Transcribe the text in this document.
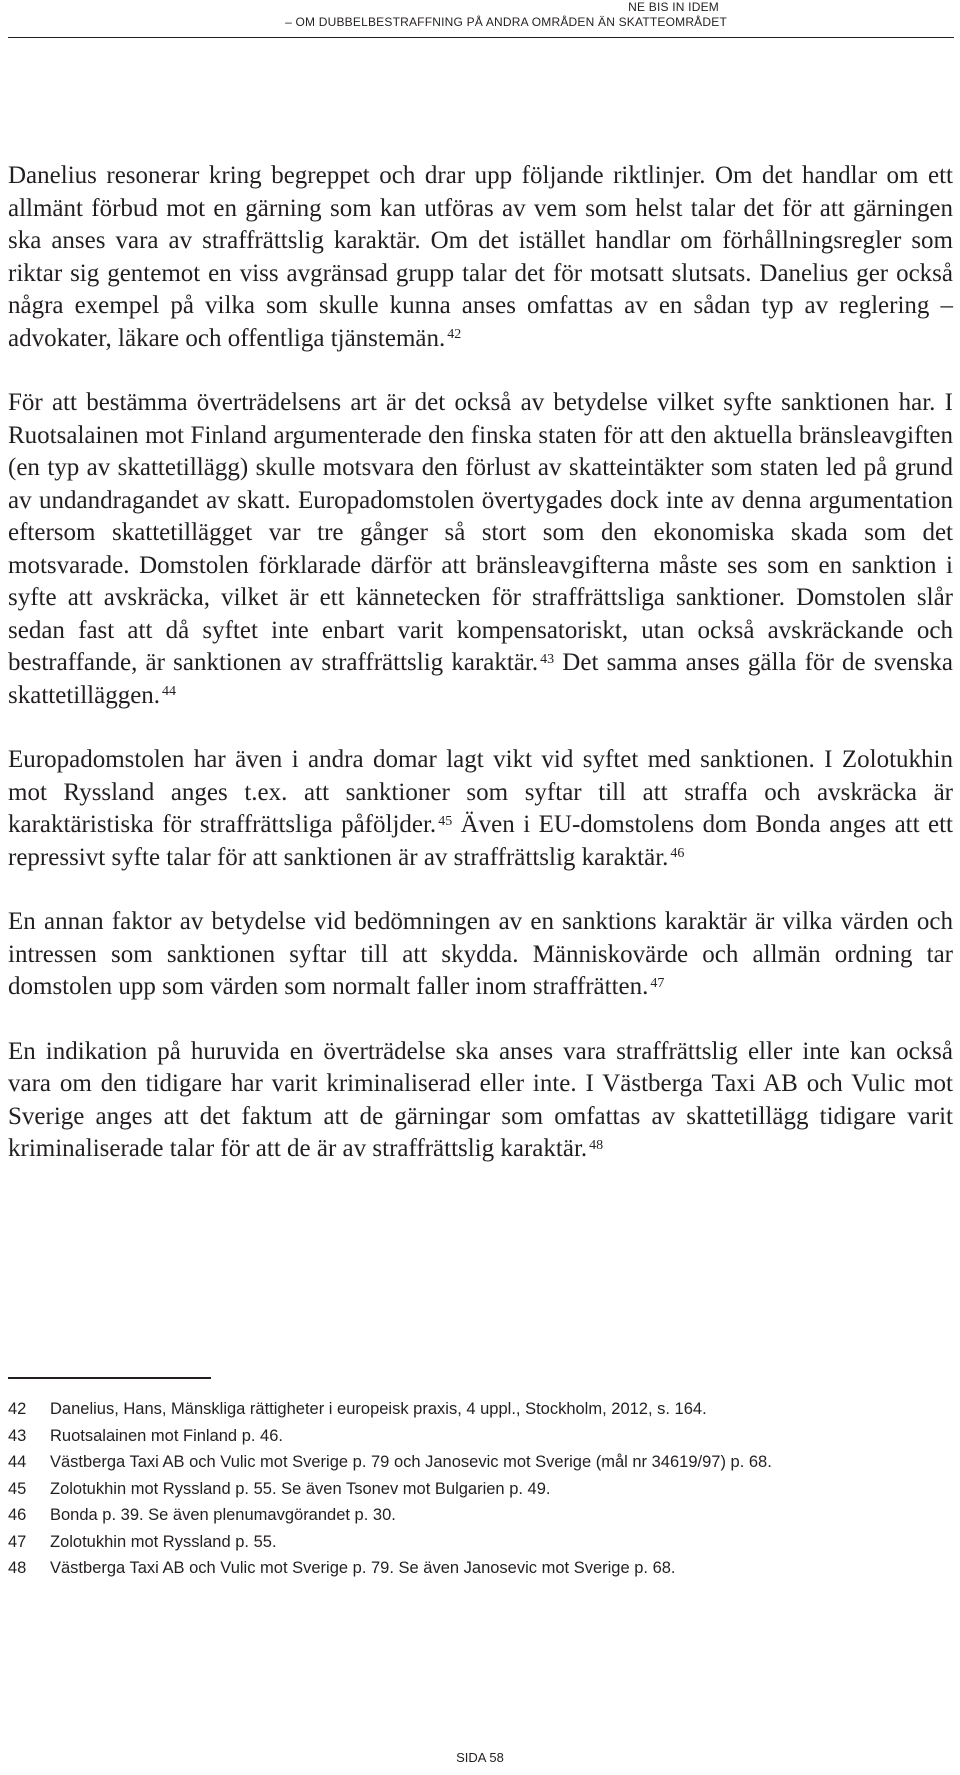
NE BIS IN IDEM
– OM DUBBELBESTRAFFNING PÅ ANDRA OMRÅDEN ÄN SKATTEOMRÅDET

Danelius resonerar kring begreppet och drar upp följande riktlinjer. Om det handlar om ett allmänt förbud mot en gärning som kan utföras av vem som helst talar det för att gärningen ska anses vara av straffrättslig karaktär. Om det istället handlar om förhållningsregler som riktar sig gentemot en viss avgränsad grupp talar det för motsatt slutsats. Danelius ger också några exempel på vilka som skulle kunna anses omfattas av en sådan typ av reglering – advokater, läkare och offentliga tjänstemän. $^{42}$

För att bestämma överträdelsens art är det också av betydelse vilket syfte sanktionen har. I Ruotsalainen mot Finland argumenterade den finska staten för att den aktuella bränsleavgiften (en typ av skattetillägg) skulle motsvara den förlust av skatteintäkter som staten led på grund av undandragandet av skatt. Europadomstolen övertygades dock inte av denna argumentation eftersom skattetillägget var tre gånger så stort som den ekonomiska skada som det motsvarade. Domstolen förklarade därför att bränsleavgifterna måste ses som en sanktion i syfte att avskräcka, vilket är ett kännetecken för straffrättsliga sanktioner. Domstolen slår sedan fast att då syftet inte enbart varit kompensatoriskt, utan också avskräckande och bestraffande, är sanktionen av straffrättslig karaktär. $^{43}$ Det samma anses gälla för de svenska skattetilläggen. $^{44}$

Europadomstolen har även i andra domar lagt vikt vid syftet med sanktionen. I Zolotukhin mot Ryssland anges t.ex. att sanktioner som syftar till att straffa och avskräcka är karaktäristiska för straffrättsliga påföljder. $^{45}$ Även i EU-domstolens dom Bonda anges att ett repressivt syfte talar för att sanktionen är av straffrättslig karaktär. $^{46}$

En annan faktor av betydelse vid bedömningen av en sanktions karaktär är vilka värden och intressen som sanktionen syftar till att skydda. Människovärde och allmän ordning tar domstolen upp som värden som normalt faller inom straffrätten. $^{47}$

En indikation på huruvida en överträdelse ska anses vara straffrättslig eller inte kan också vara om den tidigare har varit kriminaliserad eller inte. I Västberga Taxi AB och Vulic mot Sverige anges att det faktum att de gärningar som omfattas av skattetillägg tidigare varit kriminaliserade talar för att de är av straffrättslig karaktär. $^{48}$

42 Danelius, Hans, Mänskliga rättigheter i europeisk praxis, 4 uppl., Stockholm, 2012, s. 164.
43 Ruotsalainen mot Finland p. 46.
44 Västberga Taxi AB och Vulic mot Sverige p. 79 och Janosevic mot Sverige (mål nr 34619/97) p. 68.
45 Zolotukhin mot Ryssland p. 55. Se även Tsonev mot Bulgarien p. 49.
46 Bonda p. 39. Se även plenumavgörandet p. 30.
47 Zolotukhin mot Ryssland p. 55.
48 Västberga Taxi AB och Vulic mot Sverige p. 79. Se även Janosevic mot Sverige p. 68.
SIDA 58
